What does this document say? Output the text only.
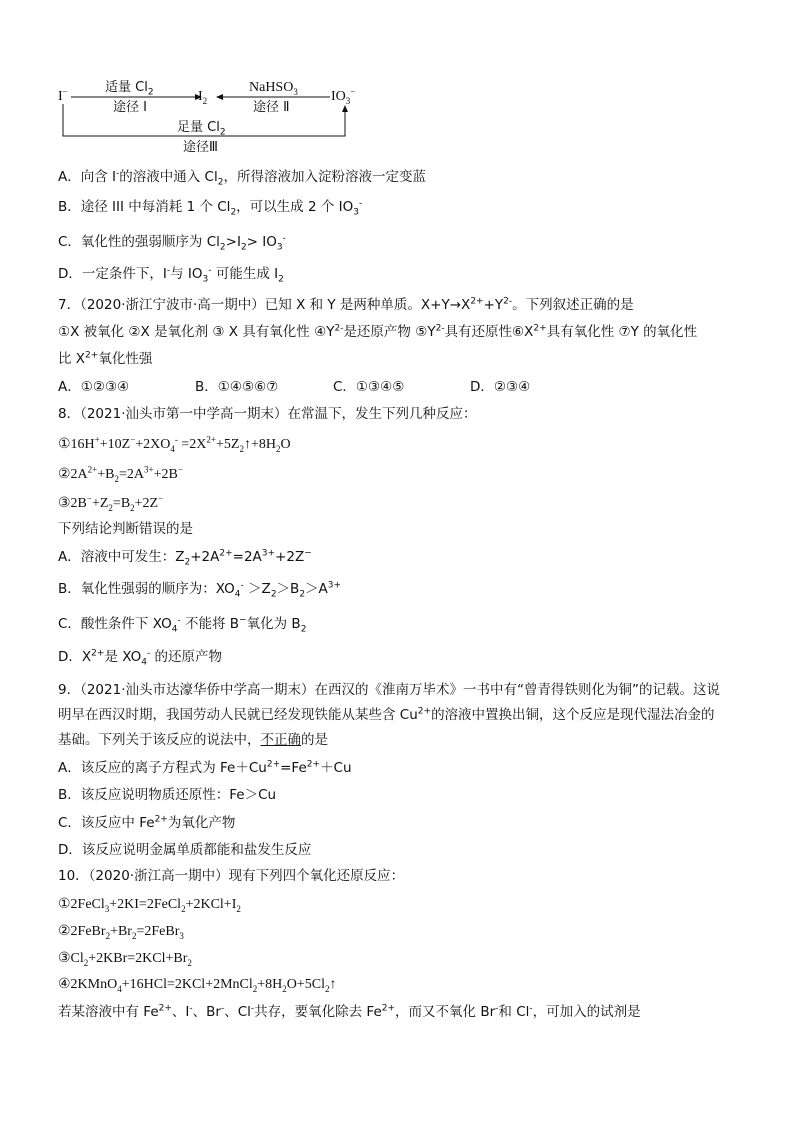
I−	适量 $Cl_2$
途径 I
$I_2$
NaHSO$_3$
途径 Ⅱ
$IO_3^-$
足量 $Cl_2$
途径Ⅲ
A．向含 I-的溶液中通入 $Cl_2$，所得溶液加入淀粉溶液一定变蓝
B．途径 III 中每消耗 1 个 $Cl_2$，可以生成 2 个 $IO_3^-$
C．氧化性的强弱顺序为 $Cl_2>I_2> IO_3^-$
D．一定条件下，I-与 $IO_3^-$ 可能生成 $I_2$
7．（2020·浙江宁波市·高一期中）已知 X 和 Y 是两种单质。$X+Y\to X^{2+}+Y^{2-}$。下列叙述正确的是
①X 被氧化 ②X 是氧化剂 ③ X 具有氧化性 $④Y^{2-}$是还原产物 $⑤Y^{2-}$具有还原性$⑥X^{2+}$具有氧化性 ⑦Y 的氧化性
比 $X^{2+}$氧化性强
A．①②③④	B．①④⑤⑥⑦	C．①③④⑤	D．②③④
8．（2021·汕头市第一中学高一期末）在常温下，发生下列几种反应：
$①16H^++10Z^-+2XO_4^-$ $=2X^{2+}+5Z_2↑+8H_2O$
$②2A^{2+}+B_2=2A^{3+}+2B^-$
$③2B^-+Z_2=B_2+2Z^-$
下列结论判断错误的是
A．溶液中可发生：$Z_2+2A^{2+}=2A^{3+}+2Z^-$
B．氧化性强弱的顺序为：$XO_4^- >Z_2>B_2>A^{3+}$
C．酸性条件下 $XO_4^-$ 不能将 B−氧化为 $B_2$
D．$X^{2+}$是 $XO_4^-$ 的还原产物
9．（2021·汕头市达濠华侨中学高一期末）在西汉的《淮南万毕术》一书中有“曾青得铁则化为铜”的记载。这说
明早在西汉时期，我国劳动人民就已经发现铁能从某些含 $Cu^{2+}$的溶液中置换出铜，这个反应是现代湿法冶金的
基础。下列关于该反应的说法中，不正确的是
A．该反应的离子方程式为 $Fe+Cu^{2+}=Fe^{2+}+Cu$
B．该反应说明物质还原性：Fe＞Cu
C．该反应中 $Fe^{2+}$为氧化产物
D．该反应说明金属单质都能和盐发生反应
10．（2020·浙江高一期中）现有下列四个氧化还原反应：
$①2FeCl_3+2KI=2FeCl_2+2KCl+I_2$
$②2FeBr_2+Br_2=2FeBr_3$
$③Cl_2+2KBr=2KCl+Br_2$
$④2KMnO_4+16HCl=2KCl+2MnCl_2+8H_2O+5Cl_2↑$
若某溶液中有 $Fe^{2+}$、I-、Br-、Cl-共存，要氧化除去 $Fe^{2+}$，而又不氧化 Br-和 Cl-，可加入的试剂是
